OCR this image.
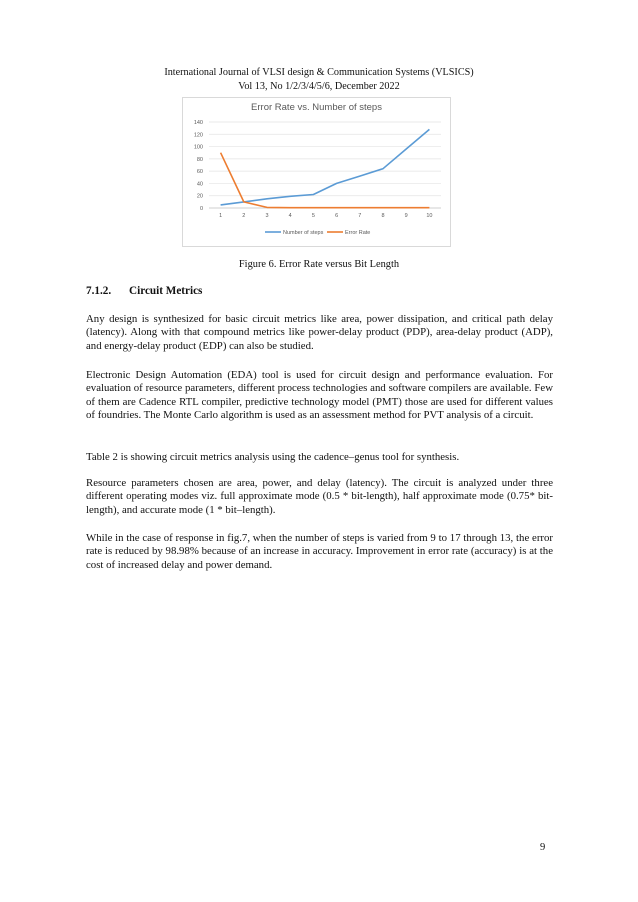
International Journal of VLSI design & Communication Systems (VLSICS)
Vol 13, No 1/2/3/4/5/6, December 2022
Error Rate vs. Number of steps
0
20
40
60
80
100
120
140
1	2	3	4	5	6	7	8	9	10
Number of steps	Error Rate
Figure 6. Error Rate versus Bit Length
7.1.2. Circuit Metrics

Any design is synthesized for basic circuit metrics like area, power dissipation, and critical path delay (latency). Along with that compound metrics like power-delay product (PDP), area-delay product (ADP), and energy-delay product (EDP) can also be studied.

Electronic Design Automation (EDA) tool is used for circuit design and performance evaluation. For evaluation of resource parameters, different process technologies and software compilers are available. Few of them are Cadence RTL compiler, predictive technology model (PMT) those are used for different values of foundries. The Monte Carlo algorithm is used as an assessment method for PVT analysis of a circuit.

Table 2 is showing circuit metrics analysis using the cadence–genus tool for synthesis.

Resource parameters chosen are area, power, and delay (latency). The circuit is analyzed under three different operating modes viz. full approximate mode (0.5 * bit-length), half approximate mode (0.75* bit-length), and accurate mode (1 * bit–length).

While in the case of response in fig.7, when the number of steps is varied from 9 to 17 through 13, the error rate is reduced by 98.98% because of an increase in accuracy. Improvement in error rate (accuracy) is at the cost of increased delay and power demand.

9
